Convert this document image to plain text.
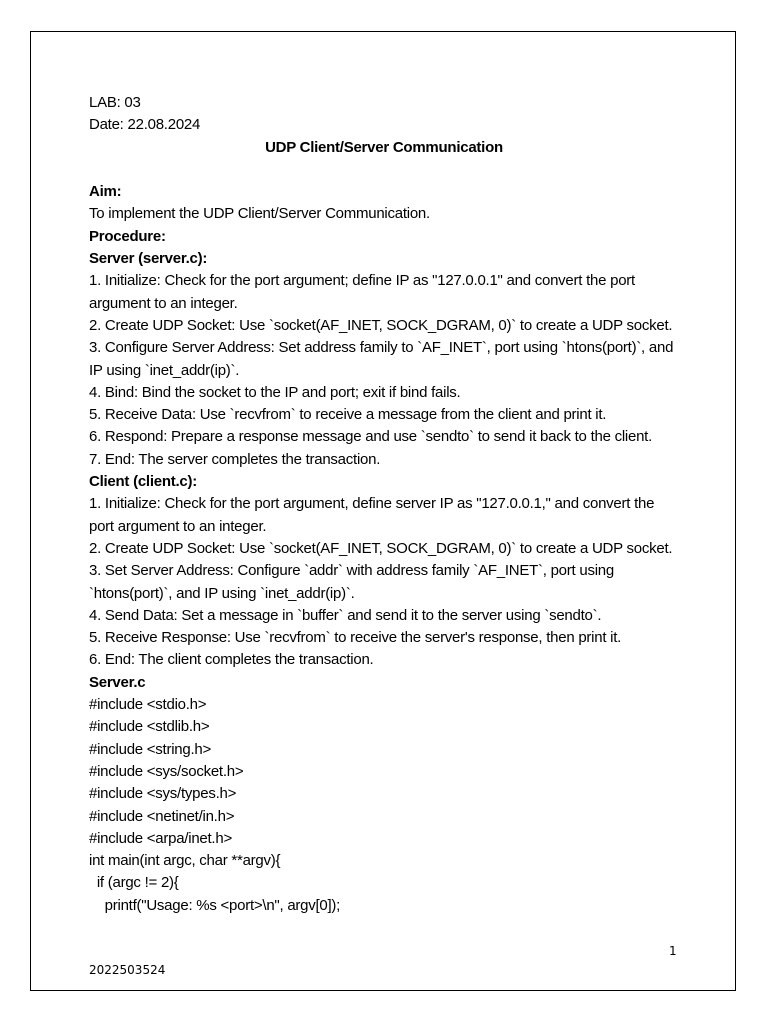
LAB: 03
Date: 22.08.2024
UDP Client/Server Communication
Aim:
To implement the UDP Client/Server Communication.
Procedure:
Server (server.c):
1. Initialize: Check for the port argument; define IP as "127.0.0.1" and convert the port
argument to an integer.
2. Create UDP Socket: Use `socket(AF_INET, SOCK_DGRAM, 0)` to create a UDP socket.
3. Configure Server Address: Set address family to `AF_INET`, port using `htons(port)`, and
IP using `inet_addr(ip)`.
4. Bind: Bind the socket to the IP and port; exit if bind fails.
5. Receive Data: Use `recvfrom` to receive a message from the client and print it.
6. Respond: Prepare a response message and use `sendto` to send it back to the client.
7. End: The server completes the transaction.
Client (client.c):
1. Initialize: Check for the port argument, define server IP as "127.0.0.1," and convert the
port argument to an integer.
2. Create UDP Socket: Use `socket(AF_INET, SOCK_DGRAM, 0)` to create a UDP socket.
3. Set Server Address: Configure `addr` with address family `AF_INET`, port using
`htons(port)`, and IP using `inet_addr(ip)`.
4. Send Data: Set a message in `buffer` and send it to the server using `sendto`.
5. Receive Response: Use `recvfrom` to receive the server's response, then print it.
6. End: The client completes the transaction.
Server.c
#include <stdio.h>
#include <stdlib.h>
#include <string.h>
#include <sys/socket.h>
#include <sys/types.h>
#include <netinet/in.h>
#include <arpa/inet.h>
int main(int argc, char **argv){
if (argc != 2){
printf("Usage: %s <port>\n", argv[0]);
1
2022503524
